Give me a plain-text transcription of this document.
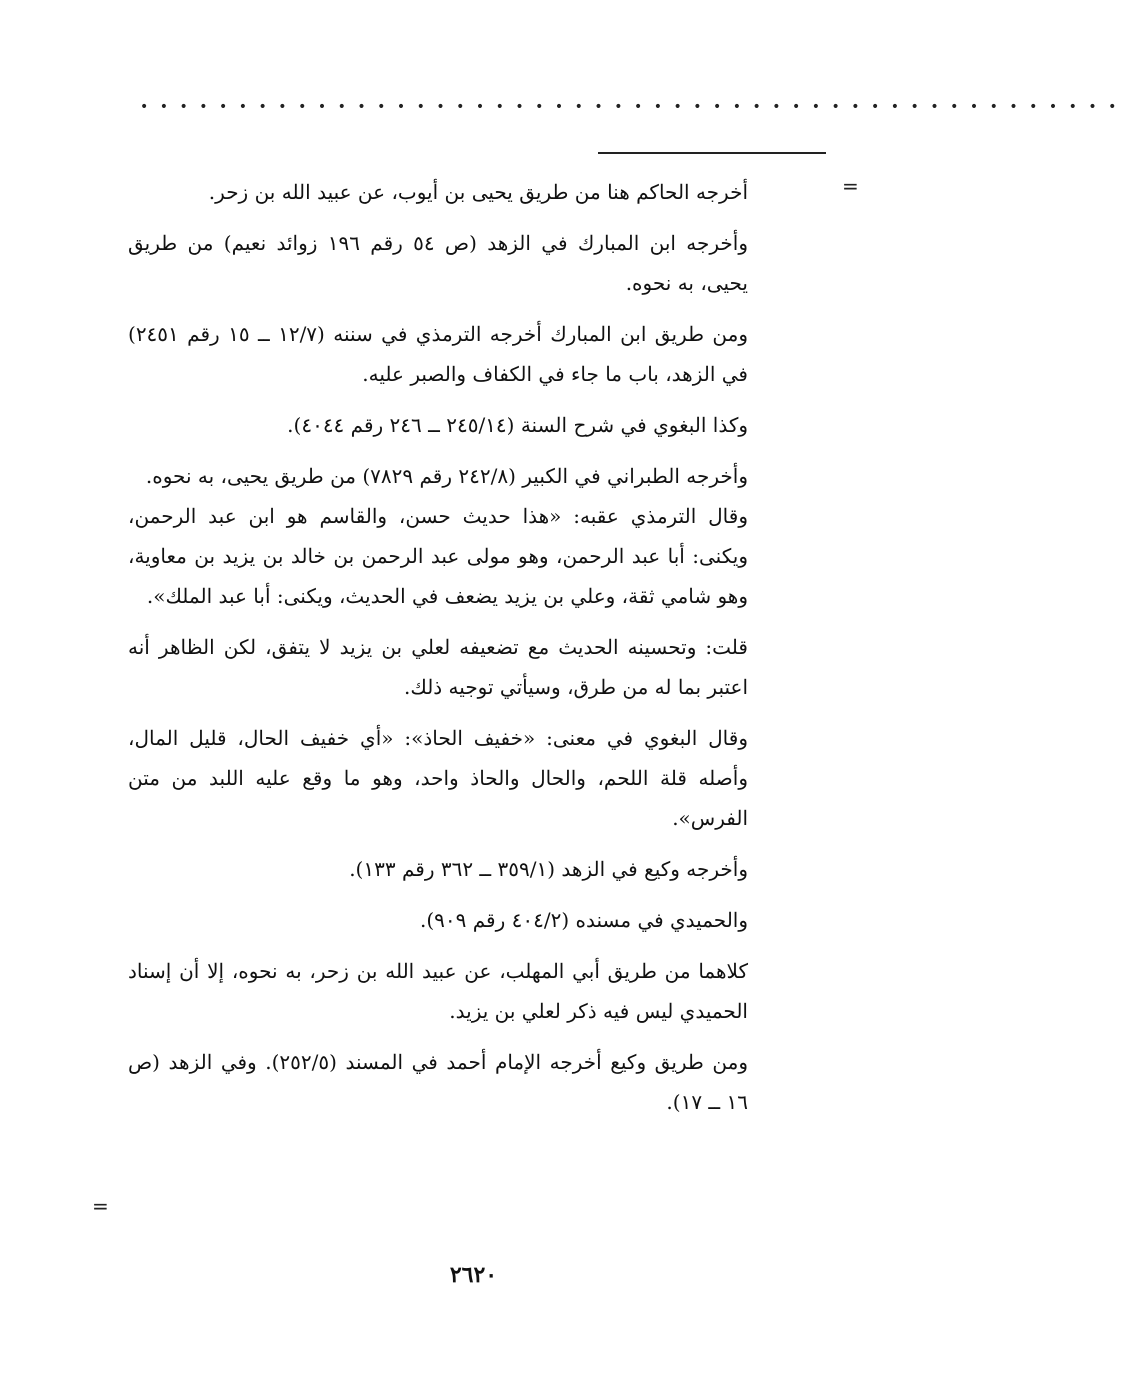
••••••••••••••••••••••••••••••••••••••••••••••••••
=

أخرجه الحاكم هنا من طريق يحيى بن أيوب، عن عبيد الله بن زحر.

وأخرجه ابن المبارك في الزهد (ص ٥٤ رقم ١٩٦ زوائد نعيم) من طريق يحيى، به نحوه.

ومن طريق ابن المبارك أخرجه الترمذي في سننه (١٢/٧ ــ ١٥ رقم ٢٤٥١) في الزهد، باب ما جاء في الكفاف والصبر عليه.

وكذا البغوي في شرح السنة (٢٤٥/١٤ ــ ٢٤٦ رقم ٤٠٤٤).

وأخرجه الطبراني في الكبير (٢٤٢/٨ رقم ٧٨٢٩) من طريق يحيى، به نحوه.

وقال الترمذي عقبه: «هذا حديث حسن، والقاسم هو ابن عبد الرحمن، ويكنى: أبا عبد الرحمن، وهو مولى عبد الرحمن بن خالد بن يزيد بن معاوية، وهو شامي ثقة، وعلي بن يزيد يضعف في الحديث، ويكنى: أبا عبد الملك».

قلت: وتحسينه الحديث مع تضعيفه لعلي بن يزيد لا يتفق، لكن الظاهر أنه اعتبر بما له من طرق، وسيأتي توجيه ذلك.

وقال البغوي في معنى: «خفيف الحاذ»: «أي خفيف الحال، قليل المال، وأصله قلة اللحم، والحال والحاذ واحد، وهو ما وقع عليه اللبد من متن الفرس».

وأخرجه وكيع في الزهد (٣٥٩/١ ــ ٣٦٢ رقم ١٣٣).

والحميدي في مسنده (٤٠٤/٢ رقم ٩٠٩).

كلاهما من طريق أبي المهلب، عن عبيد الله بن زحر، به نحوه، إلا أن إسناد الحميدي ليس فيه ذكر لعلي بن يزيد.

ومن طريق وكيع أخرجه الإمام أحمد في المسند (٢٥٢/٥). وفي الزهد (ص ١٦ ــ ١٧).

=
٢٦٢٠
